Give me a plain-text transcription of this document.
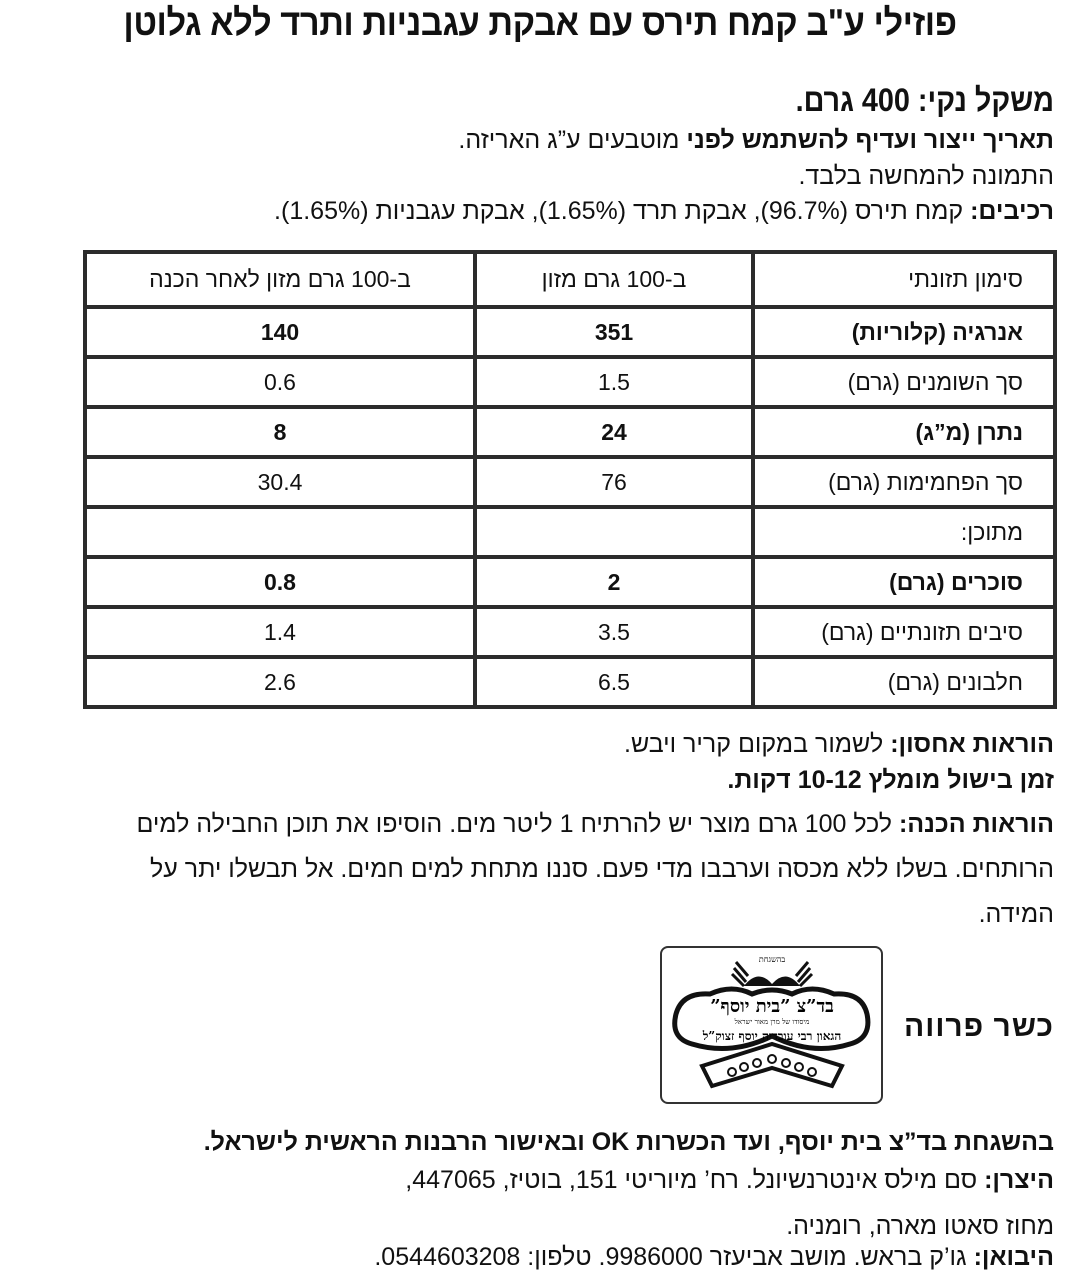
פוזילי ע"ב קמח תירס עם אבקת עגבניות ותרד ללא גלוטן
משקל נקי: 400 גרם.
תאריך ייצור ועדיף להשתמש לפני מוטבעים ע”ג האריזה.
התמונה להמחשה בלבד.
רכיבים: קמח תירס (96.7%), אבקת תרד (1.65%), אבקת עגבניות (1.65%).
סימון תזונתי	ב-100 גרם מזון	ב-100 גרם מזון לאחר הכנה
אנרגיה (קלוריות)	351	140
סך השומנים (גרם)	1.5	0.6
נתרן (מ”ג)	24	8
סך הפחמימות (גרם)	76	30.4
מתוכן:		
סוכרים (גרם)	2	0.8
סיבים תזונתיים (גרם)	3.5	1.4
חלבונים (גרם)	6.5	2.6
הוראות אחסון: לשמור במקום קריר ויבש.
זמן בישול מומלץ 10-12 דקות.
הוראות הכנה: לכל 100 גרם מוצר יש להרתיח 1 ליטר מים. הוסיפו את תוכן החבילה למים הרותחים. בשלו ללא מכסה וערבבו מדי פעם. סננו מתחת למים חמים. אל תבשלו יתר על המידה.
כשר פרווה
בהשגחת
בד”צ ”בית יוסף”
מיסודו של מרן מאור ישראל
הגאון רבי עובדיה יוסף זצוק”ל
בהשגחת בד”צ בית יוסף, ועד הכשרות OK ובאישור הרבנות הראשית לישראל.
היצרן: סם מילס אינטרנשיונל. רח’ מיוריטי 151, בוטיז, 447065,
מחוז סאטו מארה, רומניה.
היבואן: גו’ק בראש. מושב אביעזר 9986000. טלפון: 0544603208.
